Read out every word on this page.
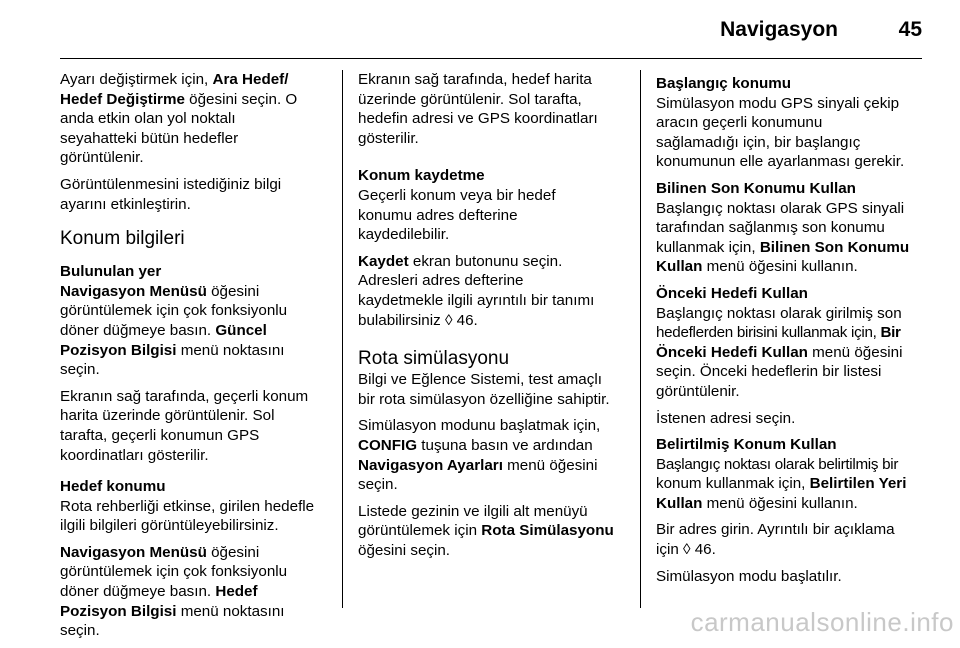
Navigasyon	45

Ayarı değiştirmek için, Ara Hedef/
Hedef Değiştirme öğesini seçin. O
anda etkin olan yol noktalı
seyahatteki bütün hedefler
görüntülenir.

Görüntülenmesini istediğiniz bilgi
ayarını etkinleştirin.

Konum bilgileri
Bulunulan yer

Navigasyon Menüsü öğesini
görüntülemek için çok fonksiyonlu
döner düğmeye basın. Güncel
Pozisyon Bilgisi menü noktasını
seçin.

Ekranın sağ tarafında, geçerli konum
harita üzerinde görüntülenir. Sol
tarafta, geçerli konumun GPS
koordinatları gösterilir.

Hedef konumu

Rota rehberliği etkinse, girilen hedefle
ilgili bilgileri görüntüleyebilirsiniz.

Navigasyon Menüsü öğesini
görüntülemek için çok fonksiyonlu
döner düğmeye basın. Hedef
Pozisyon Bilgisi menü noktasını
seçin.

Ekranın sağ tarafında, hedef harita
üzerinde görüntülenir. Sol tarafta,
hedefin adresi ve GPS koordinatları
gösterilir.

Konum kaydetme

Geçerli konum veya bir hedef
konumu adres defterine
kaydedilebilir.

Kaydet ekran butonunu seçin.
Adresleri adres defterine
kaydetmekle ilgili ayrıntılı bir tanımı
bulabilirsiniz ◊ 46.

Rota simülasyonu

Bilgi ve Eğlence Sistemi, test amaçlı
bir rota simülasyon özelliğine sahiptir.

Simülasyon modunu başlatmak için,
CONFIG tuşuna basın ve ardından
Navigasyon Ayarları menü öğesini
seçin.

Listede gezinin ve ilgili alt menüyü
görüntülemek için Rota Simülasyonu
öğesini seçin.

Başlangıç konumu

Simülasyon modu GPS sinyali çekip
aracın geçerli konumunu
sağlamadığı için, bir başlangıç
konumunun elle ayarlanması gerekir.

Bilinen Son Konumu Kullan

Başlangıç noktası olarak GPS sinyali
tarafından sağlanmış son konumu
kullanmak için, Bilinen Son Konumu
Kullan menü öğesini kullanın.

Önceki Hedefi Kullan

Başlangıç noktası olarak girilmiş son
hedeflerden birisini kullanmak için, Bir
Önceki Hedefi Kullan menü öğesini
seçin. Önceki hedeflerin bir listesi
görüntülenir.

İstenen adresi seçin.

Belirtilmiş Konum Kullan

Başlangıç noktası olarak belirtilmiş bir
konum kullanmak için, Belirtilen Yeri
Kullan menü öğesini kullanın.

Bir adres girin. Ayrıntılı bir açıklama
için ◊ 46.

Simülasyon modu başlatılır.

carmanualsonline.info
